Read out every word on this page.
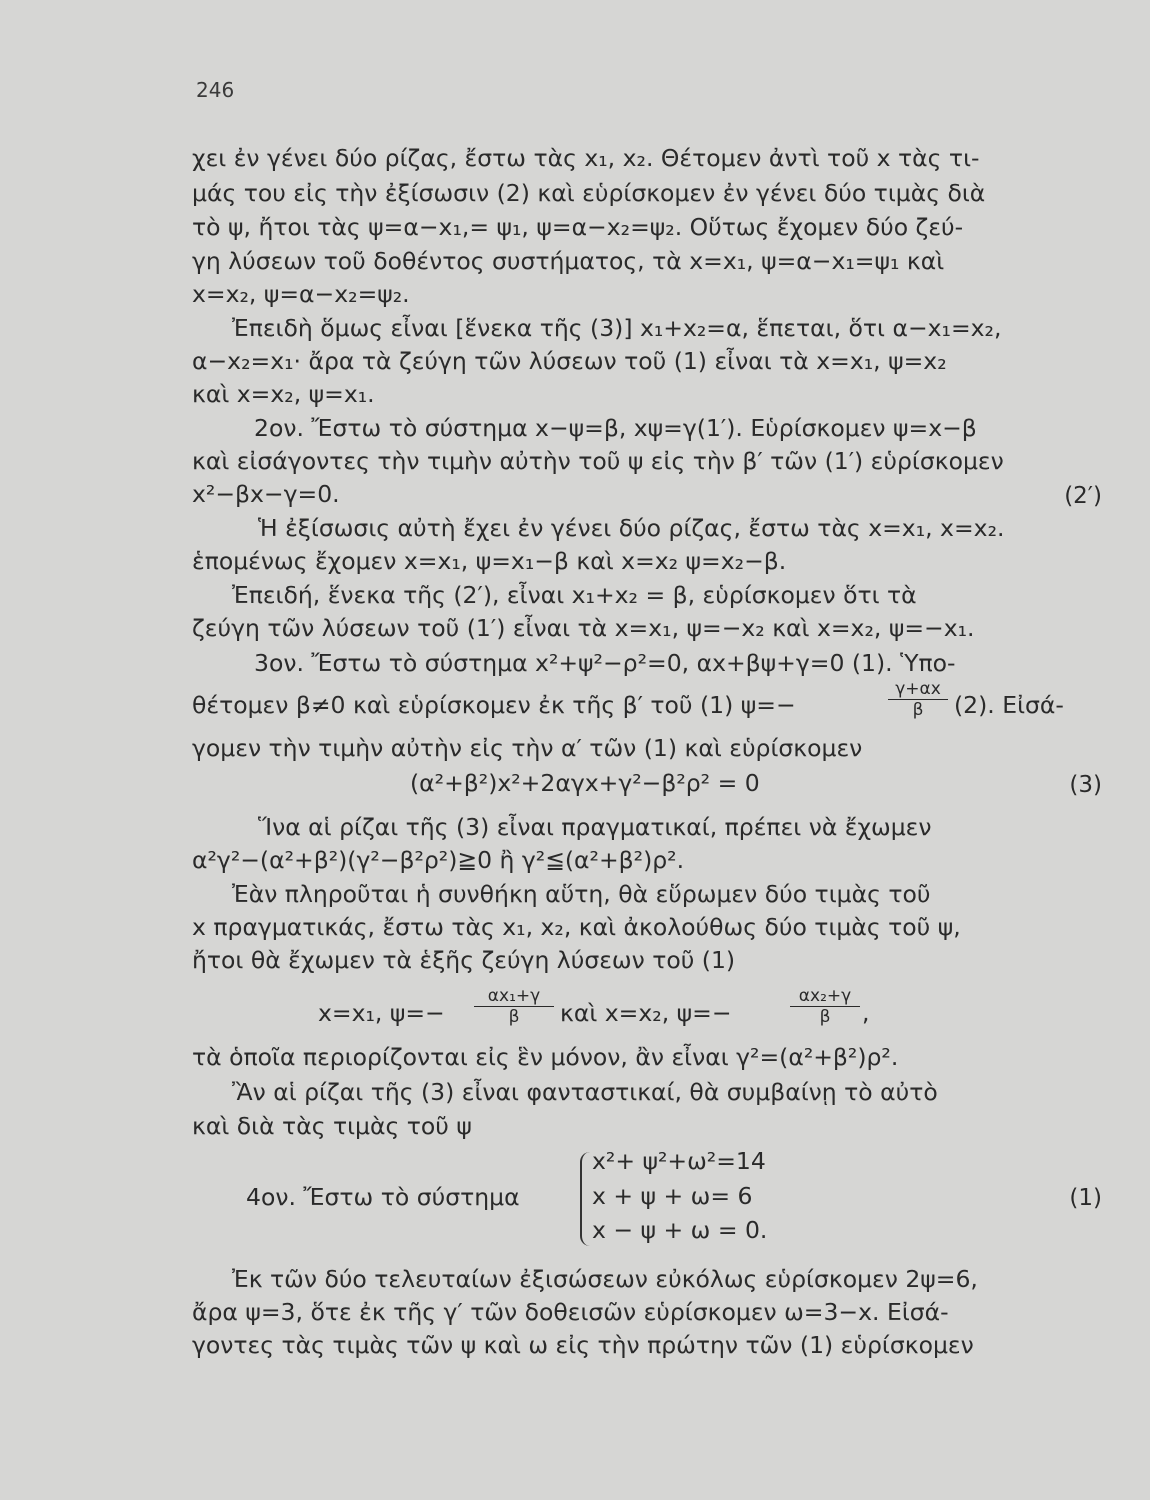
246
χει ἐν γένει δύο ρίζας, ἔστω τὰς x₁, x₂. Θέτομεν ἀντὶ τοῦ x τὰς τι-
μάς του εἰς τὴν ἐξίσωσιν (2) καὶ εὑρίσκομεν ἐν γένει δύο τιμὰς διὰ
τὸ ψ, ἤτοι τὰς ψ=α−x₁,= ψ₁, ψ=α−x₂=ψ₂. Οὕτως ἔχομεν δύο ζεύ-
γη λύσεων τοῦ δοθέντος συστήματος, τὰ x=x₁, ψ=α−x₁=ψ₁ καὶ
x=x₂, ψ=α−x₂=ψ₂.
Ἐπειδὴ ὅμως εἶναι [ἕνεκα τῆς (3)] x₁+x₂=α, ἕπεται, ὅτι α−x₁=x₂,
α−x₂=x₁· ἄρα τὰ ζεύγη τῶν λύσεων τοῦ (1) εἶναι τὰ x=x₁, ψ=x₂
καὶ x=x₂, ψ=x₁.
2ον. Ἔστω τὸ σύστημα x−ψ=β, xψ=γ(1′). Εὑρίσκομεν ψ=x−β
καὶ εἰσάγοντες τὴν τιμὴν αὐτὴν τοῦ ψ εἰς τὴν β′ τῶν (1′) εὑρίσκομεν
x²−βx−γ=0.	(2′)
Ἡ ἐξίσωσις αὐτὴ ἔχει ἐν γένει δύο ρίζας, ἔστω τὰς x=x₁, x=x₂.
ἑπομένως ἔχομεν x=x₁, ψ=x₁−β καὶ x=x₂ ψ=x₂−β.
Ἐπειδή, ἕνεκα τῆς (2′), εἶναι x₁+x₂ = β, εὑρίσκομεν ὅτι τὰ
ζεύγη τῶν λύσεων τοῦ (1′) εἶναι τὰ x=x₁, ψ=−x₂ καὶ x=x₂, ψ=−x₁.
3ον. Ἔστω τὸ σύστημα x²+ψ²−ρ²=0, αx+βψ+γ=0 (1). Ὑπο-
θέτομεν β≠0 καὶ εὑρίσκομεν ἐκ τῆς β′ τοῦ (1) ψ=−	$\frac{\gamma+\alpha x}{\beta} (2)$. Εἰσά-
γομεν τὴν τιμὴν αὐτὴν εἰς τὴν α′ τῶν (1) καὶ εὑρίσκομεν
(α²+β²)x²+2αγx+γ²−β²ρ² = 0	(3)
Ἵνα αἱ ρίζαι τῆς (3) εἶναι πραγματικαί, πρέπει νὰ ἔχωμεν
α²γ²−(α²+β²)(γ²−β²ρ²)≧0 ἢ γ²≦(α²+β²)ρ².
Ἐὰν πληροῦται ἡ συνθήκη αὕτη, θὰ εὕρωμεν δύο τιμὰς τοῦ
x πραγματικάς, ἔστω τὰς x₁, x₂, καὶ ἀκολούθως δύο τιμὰς τοῦ ψ,
ἤτοι θὰ ἔχωμεν τὰ ἑξῆς ζεύγη λύσεων τοῦ (1)
x=x₁, ψ=−	$\frac{\text{αx₁+γ}}{\beta}$ καὶ x=x₂, ψ=−	$\frac{\text{αx₂+γ}}{\beta}$ ,
τὰ ὁποῖα περιορίζονται εἰς ἓν μόνον, ἂν εἶναι γ²=(α²+β²)ρ².
Ἂν αἱ ρίζαι τῆς (3) εἶναι φανταστικαί, θὰ συμβαίνῃ τὸ αὐτὸ
καὶ διὰ τὰς τιμὰς τοῦ ψ
4ον. Ἔστω τὸ σύστημα
x²+ ψ²+ω²=14
x + ψ + ω= 6
x − ψ + ω = 0.
(1)
Ἐκ τῶν δύο τελευταίων ἐξισώσεων εὐκόλως εὑρίσκομεν 2ψ=6,
ἄρα ψ=3, ὅτε ἐκ τῆς γ′ τῶν δοθεισῶν εὑρίσκομεν ω=3−x. Εἰσά-
γοντες τὰς τιμὰς τῶν ψ καὶ ω εἰς τὴν πρώτην τῶν (1) εὑρίσκομεν
